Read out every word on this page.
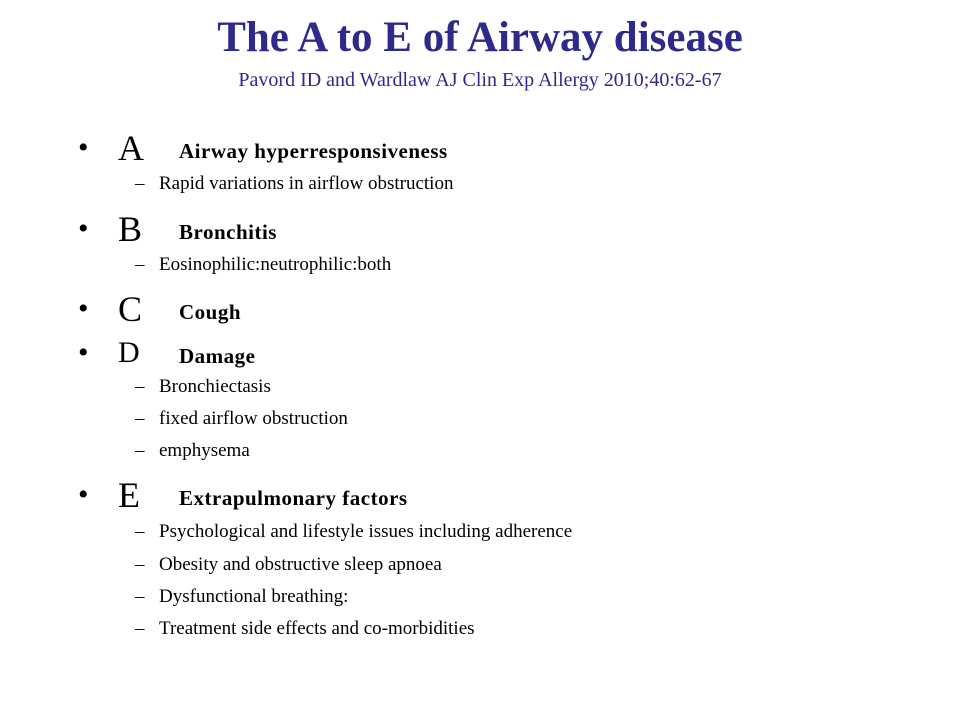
The A to E of Airway disease
Pavord ID and Wardlaw AJ Clin Exp Allergy 2010;40:62-67
• A Airway hyperresponsiveness
– Rapid variations in airflow obstruction
• B Bronchitis
– Eosinophilic:neutrophilic:both
• C Cough
• D Damage
– Bronchiectasis
– fixed airflow obstruction
– emphysema
• E Extrapulmonary factors
– Psychological and lifestyle issues including adherence
– Obesity and obstructive sleep apnoea
– Dysfunctional breathing:
– Treatment side effects and co-morbidities
